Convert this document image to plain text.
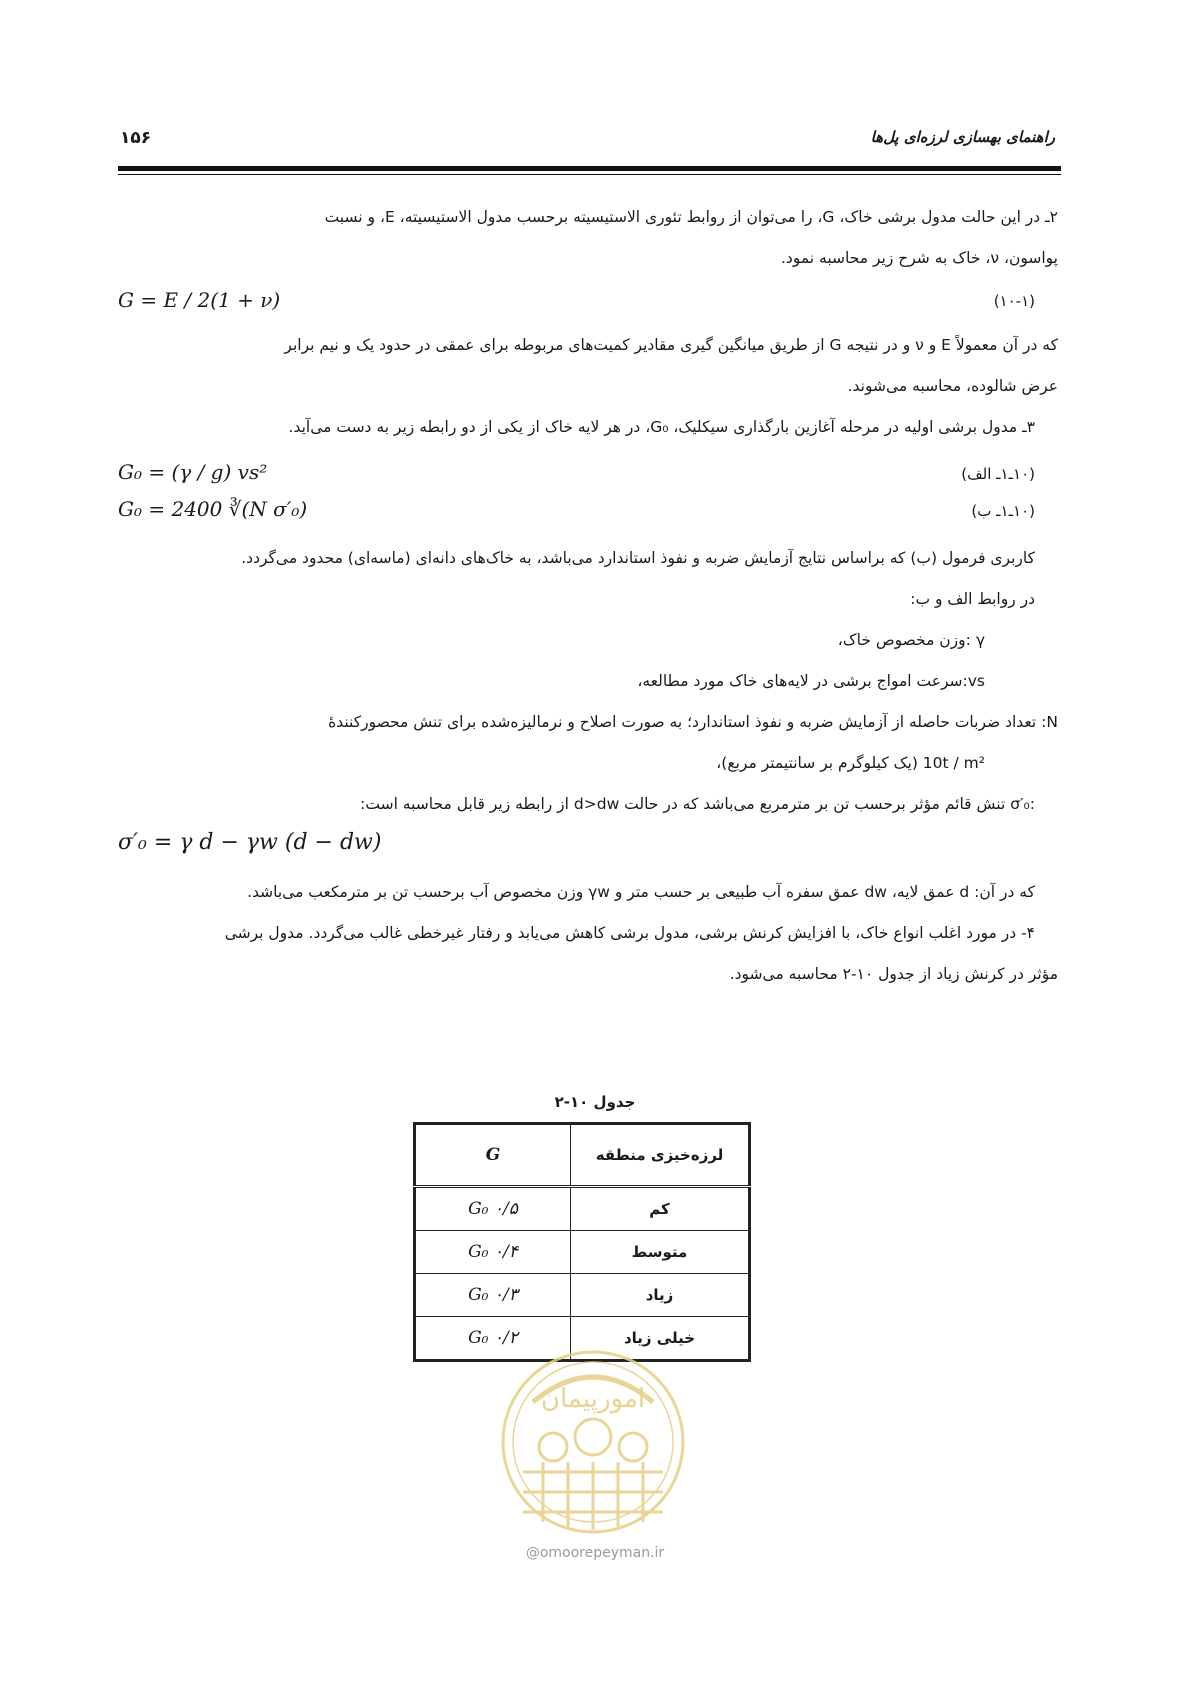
راهنمای بهسازی لرزه‌ای پل‌ها
۱۵۶
۲ـ در این حالت مدول برشی خاک، G، را می‌توان از روابط تئوری الاستیسیته برحسب مدول الاستیسیته، E، و نسبت
پواسون، ν، خاک به شرح زیر محاسبه نمود.
G = E / 2(1 + ν)	(۱۰-۱)
که در آن معمولاً E و ν و در نتیجه G از طریق میانگین گیری مقادیر کمیت‌های مربوطه برای عمقی در حدود یک و نیم برابر
عرض شالوده، محاسبه می‌شوند.
۳ـ مدول برشی اولیه در مرحله آغازین بارگذاری سیکلیک، G₀، در هر لایه خاک از یکی از دو رابطه زیر به دست می‌آید.
G₀ = (γ / g) vs²	(۱۰ـ۱ـ الف)
G₀ = 2400 ∛(N σ′₀)	(۱۰ـ۱ـ ب)
کاربری فرمول (ب) که براساس نتایج آزمایش ضربه و نفوذ استاندارد می‌باشد، به خاک‌های دانه‌ای (ماسه‌ای) محدود می‌گردد.
در روابط الف و ب:
γ :وزن مخصوص خاک،
vs:سرعت امواج برشی در لایه‌های خاک مورد مطالعه،
N: تعداد ضربات حاصله از آزمایش ضربه و نفوذ استاندارد؛ به صورت اصلاح و نرمالیزه‌شده برای تنش محصورکنندهٔ
10t / m² (یک کیلوگرم بر سانتیمتر مربع)،
:σ′₀ تنش قائم مؤثر برحسب تن بر مترمربع می‌باشد که در حالت d>dw از رابطه زیر قابل محاسبه است:
σ′₀ = γ d − γw (d − dw)
که در آن: d عمق لایه، dw عمق سفره آب طبیعی بر حسب متر و γw وزن مخصوص آب برحسب تن بر مترمکعب می‌باشد.
۴- در مورد اغلب انواع خاک، با افزایش کرنش برشی، مدول برشی کاهش می‌یابد و رفتار غیرخطی غالب می‌گردد. مدول برشی
مؤثر در کرنش زیاد از جدول ۱۰-۲ محاسبه می‌شود.
جدول ۱۰-۲
لرزه‌خیزی منطقه	G
کم	۰/۵ G₀
متوسط	۰/۴ G₀
زیاد	۰/۳ G₀
خیلی زیاد	۰/۲ G₀
امورپیمان
@omoorepeyman.ir
